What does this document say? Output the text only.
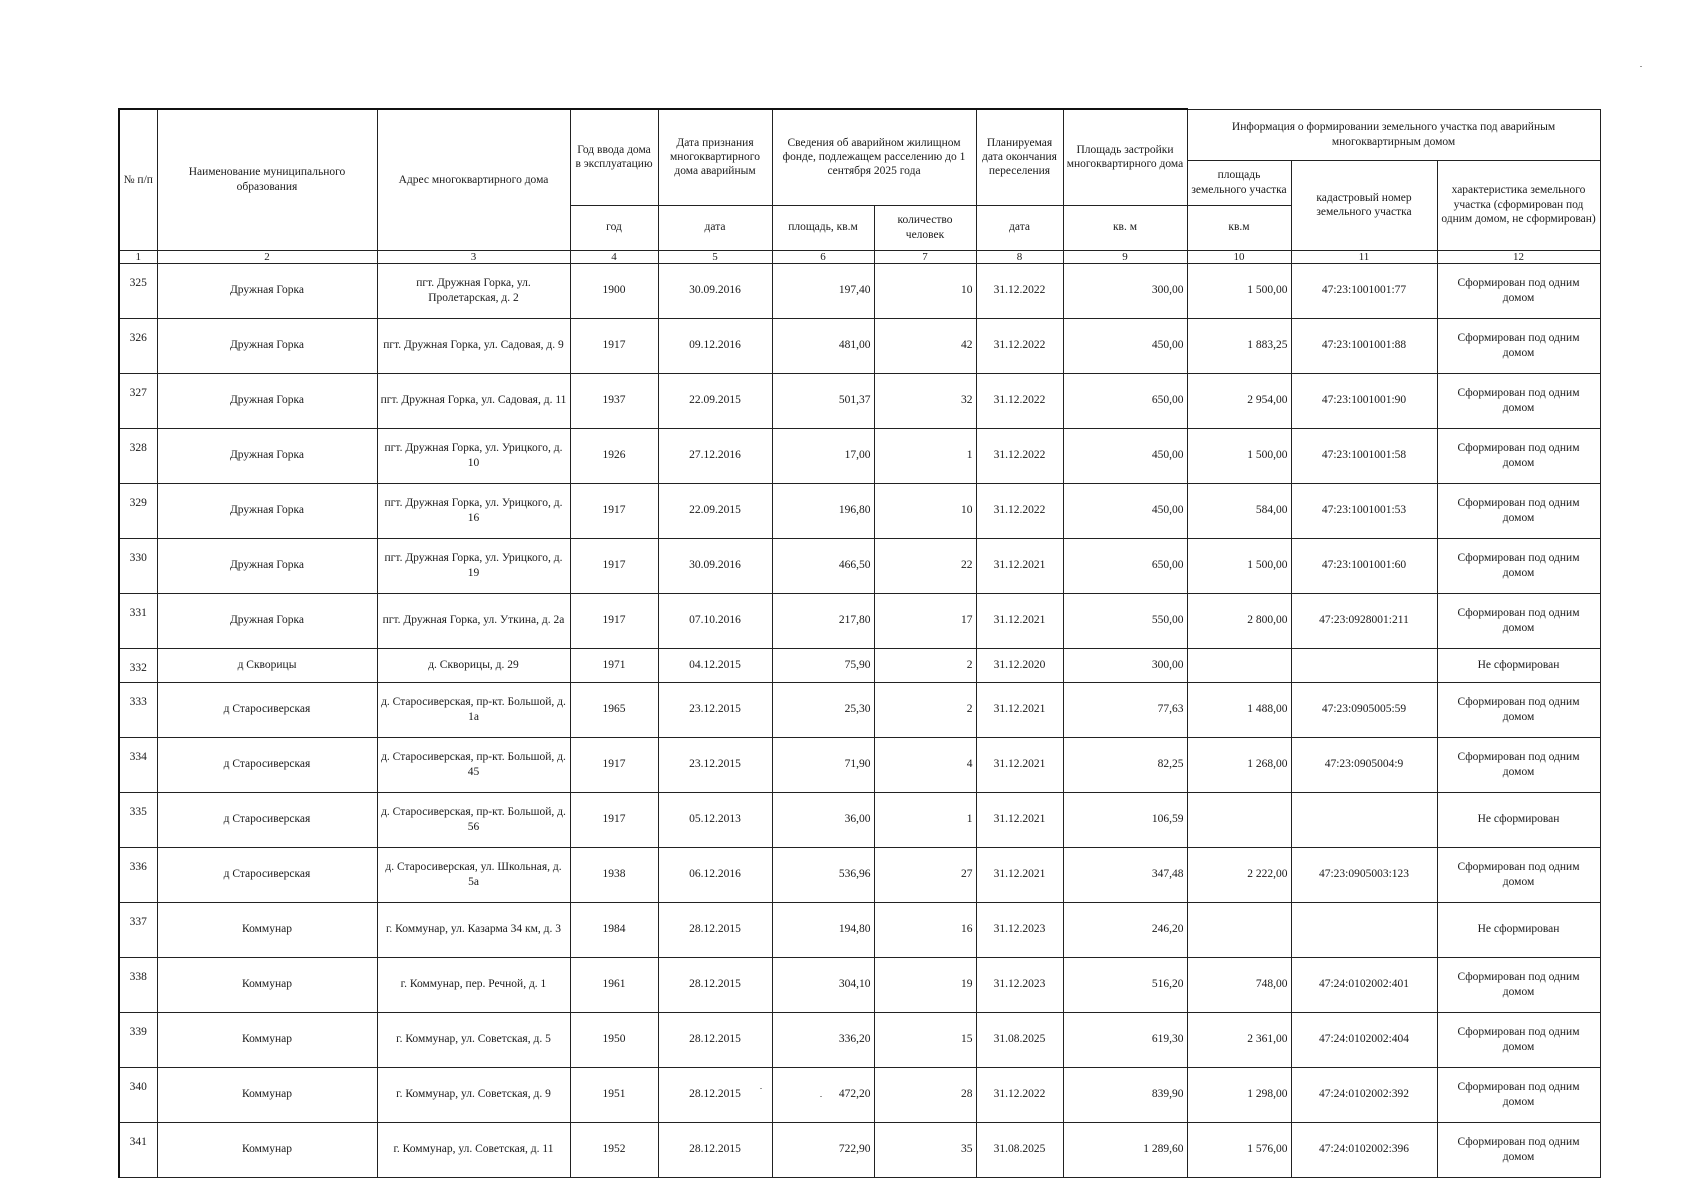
№ п/п	Наименование муниципального образования	Адрес многоквартирного дома	Год ввода дома в эксплуатацию	Дата признания многоквартирного дома аварийным	Сведения об аварийном жилищном фонде, подлежащем расселению до 1 сентября 2025 года		Планируемая дата окончания переселения	Площадь застройки многоквартирного дома	Информация о формировании земельного участка под аварийным многоквартирным домом		
									площадь земельного участка	кадастровый номер земельного участка	характеристика земельного участка (сформирован под одним домом, не сформирован)
			год	дата	площадь, кв.м	количество человек	дата	кв. м	кв.м		
1	2	3	4	5	6	7	8	9	10	11	12
325	Дружная Горка	пгт. Дружная Горка, ул. Пролетарская, д. 2	1900	30.09.2016	197,40	10	31.12.2022	300,00	1 500,00	47:23:1001001:77	Сформирован под одним домом
326	Дружная Горка	пгт. Дружная Горка, ул. Садовая, д. 9	1917	09.12.2016	481,00	42	31.12.2022	450,00	1 883,25	47:23:1001001:88	Сформирован под одним домом
327	Дружная Горка	пгт. Дружная Горка, ул. Садовая, д. 11	1937	22.09.2015	501,37	32	31.12.2022	650,00	2 954,00	47:23:1001001:90	Сформирован под одним домом
328	Дружная Горка	пгт. Дружная Горка, ул. Урицкого, д. 10	1926	27.12.2016	17,00	1	31.12.2022	450,00	1 500,00	47:23:1001001:58	Сформирован под одним домом
329	Дружная Горка	пгт. Дружная Горка, ул. Урицкого, д. 16	1917	22.09.2015	196,80	10	31.12.2022	450,00	584,00	47:23:1001001:53	Сформирован под одним домом
330	Дружная Горка	пгт. Дружная Горка, ул. Урицкого, д. 19	1917	30.09.2016	466,50	22	31.12.2021	650,00	1 500,00	47:23:1001001:60	Сформирован под одним домом
331	Дружная Горка	пгт. Дружная Горка, ул. Уткина, д. 2а	1917	07.10.2016	217,80	17	31.12.2021	550,00	2 800,00	47:23:0928001:211	Сформирован под одним домом
332	д Скворицы	д. Скворицы, д. 29	1971	04.12.2015	75,90	2	31.12.2020	300,00			Не сформирован
333	д Старосиверская	д. Старосиверская, пр-кт. Большой, д. 1а	1965	23.12.2015	25,30	2	31.12.2021	77,63	1 488,00	47:23:0905005:59	Сформирован под одним домом
334	д Старосиверская	д. Старосиверская, пр-кт. Большой, д. 45	1917	23.12.2015	71,90	4	31.12.2021	82,25	1 268,00	47:23:0905004:9	Сформирован под одним домом
335	д Старосиверская	д. Старосиверская, пр-кт. Большой, д. 56	1917	05.12.2013	36,00	1	31.12.2021	106,59			Не сформирован
336	д Старосиверская	д. Старосиверская, ул. Школьная, д. 5а	1938	06.12.2016	536,96	27	31.12.2021	347,48	2 222,00	47:23:0905003:123	Сформирован под одним домом
337	Коммунар	г. Коммунар, ул. Казарма 34 км, д. 3	1984	28.12.2015	194,80	16	31.12.2023	246,20			Не сформирован
338	Коммунар	г. Коммунар, пер. Речной, д. 1	1961	28.12.2015	304,10	19	31.12.2023	516,20	748,00	47:24:0102002:401	Сформирован под одним домом
339	Коммунар	г. Коммунар, ул. Советская, д. 5	1950	28.12.2015	336,20	15	31.08.2025	619,30	2 361,00	47:24:0102002:404	Сформирован под одним домом
340	Коммунар	г. Коммунар, ул. Советская, д. 9	1951	28.12.2015	472,20	28	31.12.2022	839,90	1 298,00	47:24:0102002:392	Сформирован под одним домом
341	Коммунар	г. Коммунар, ул. Советская, д. 11	1952	28.12.2015	722,90	35	31.08.2025	1 289,60	1 576,00	47:24:0102002:396	Сформирован под одним домом
